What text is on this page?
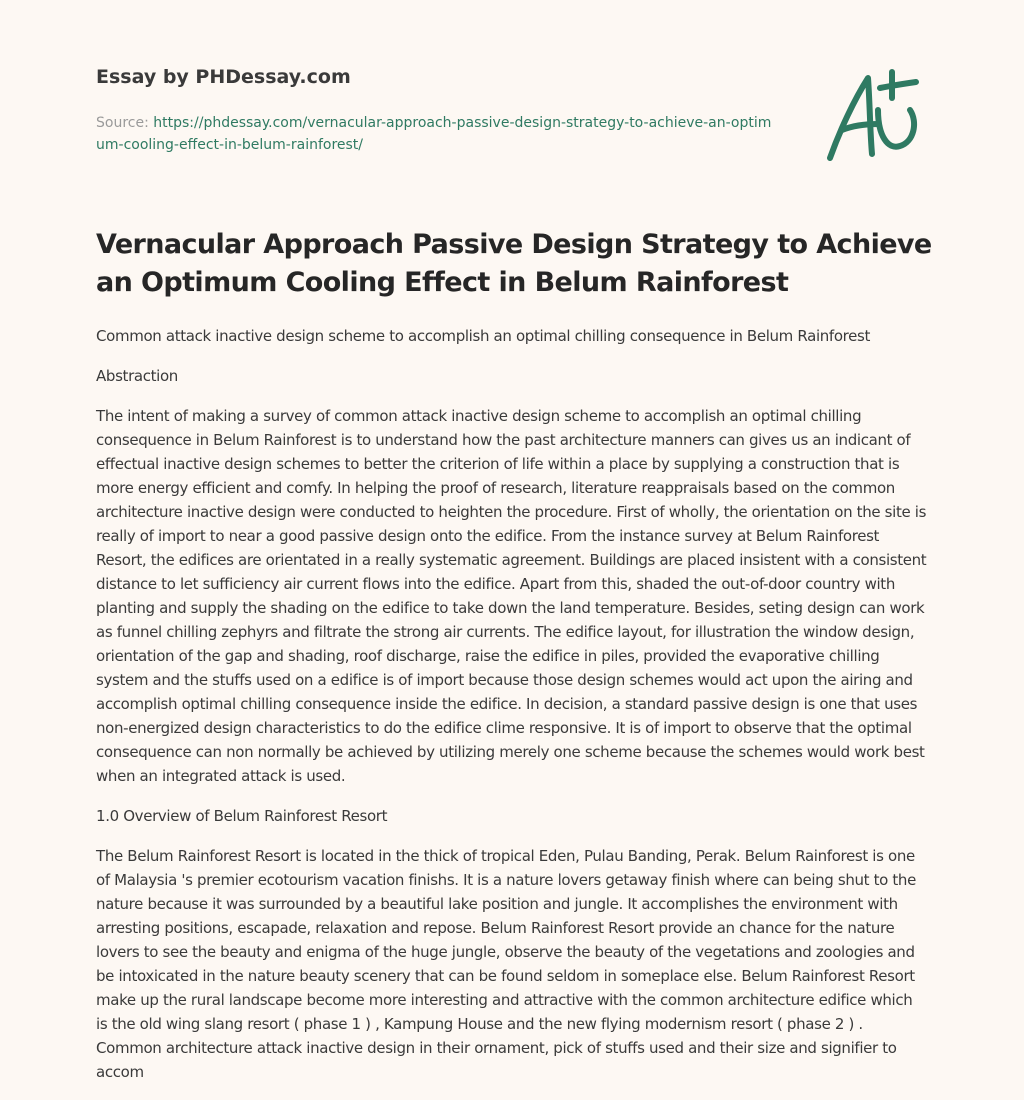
Essay by PHDessay.com
Source: https://phdessay.com/vernacular-approach-passive-design-strategy-to-achieve-an-optimum-cooling-effect-in-belum-rainforest/
Vernacular Approach Passive Design Strategy to Achieve an Optimum Cooling Effect in Belum Rainforest

Common attack inactive design scheme to accomplish an optimal chilling consequence in Belum Rainforest

Abstraction

The intent of making a survey of common attack inactive design scheme to accomplish an optimal chilling consequence in Belum Rainforest is to understand how the past architecture manners can gives us an indicant of effectual inactive design schemes to better the criterion of life within a place by supplying a construction that is more energy efficient and comfy. In helping the proof of research, literature reappraisals based on the common architecture inactive design were conducted to heighten the procedure. First of wholly, the orientation on the site is really of import to near a good passive design onto the edifice. From the instance survey at Belum Rainforest Resort, the edifices are orientated in a really systematic agreement. Buildings are placed insistent with a consistent distance to let sufficiency air current flows into the edifice. Apart from this, shaded the out-of-door country with planting and supply the shading on the edifice to take down the land temperature. Besides, seting design can work as funnel chilling zephyrs and filtrate the strong air currents. The edifice layout, for illustration the window design, orientation of the gap and shading, roof discharge, raise the edifice in piles, provided the evaporative chilling system and the stuffs used on a edifice is of import because those design schemes would act upon the airing and accomplish optimal chilling consequence inside the edifice. In decision, a standard passive design is one that uses non-energized design characteristics to do the edifice clime responsive. It is of import to observe that the optimal consequence can non normally be achieved by utilizing merely one scheme because the schemes would work best when an integrated attack is used.

1.0 Overview of Belum Rainforest Resort

The Belum Rainforest Resort is located in the thick of tropical Eden, Pulau Banding, Perak. Belum Rainforest is one of Malaysia 's premier ecotourism vacation finishs. It is a nature lovers getaway finish where can being shut to the nature because it was surrounded by a beautiful lake position and jungle. It accomplishes the environment with arresting positions, escapade, relaxation and repose. Belum Rainforest Resort provide an chance for the nature lovers to see the beauty and enigma of the huge jungle, observe the beauty of the vegetations and zoologies and be intoxicated in the nature beauty scenery that can be found seldom in someplace else. Belum Rainforest Resort make up the rural landscape become more interesting and attractive with the common architecture edifice which is the old wing slang resort ( phase 1 ) , Kampung House and the new flying modernism resort ( phase 2 ) . Common architecture attack inactive design in their ornament, pick of stuffs used and their size and signifier to accom
